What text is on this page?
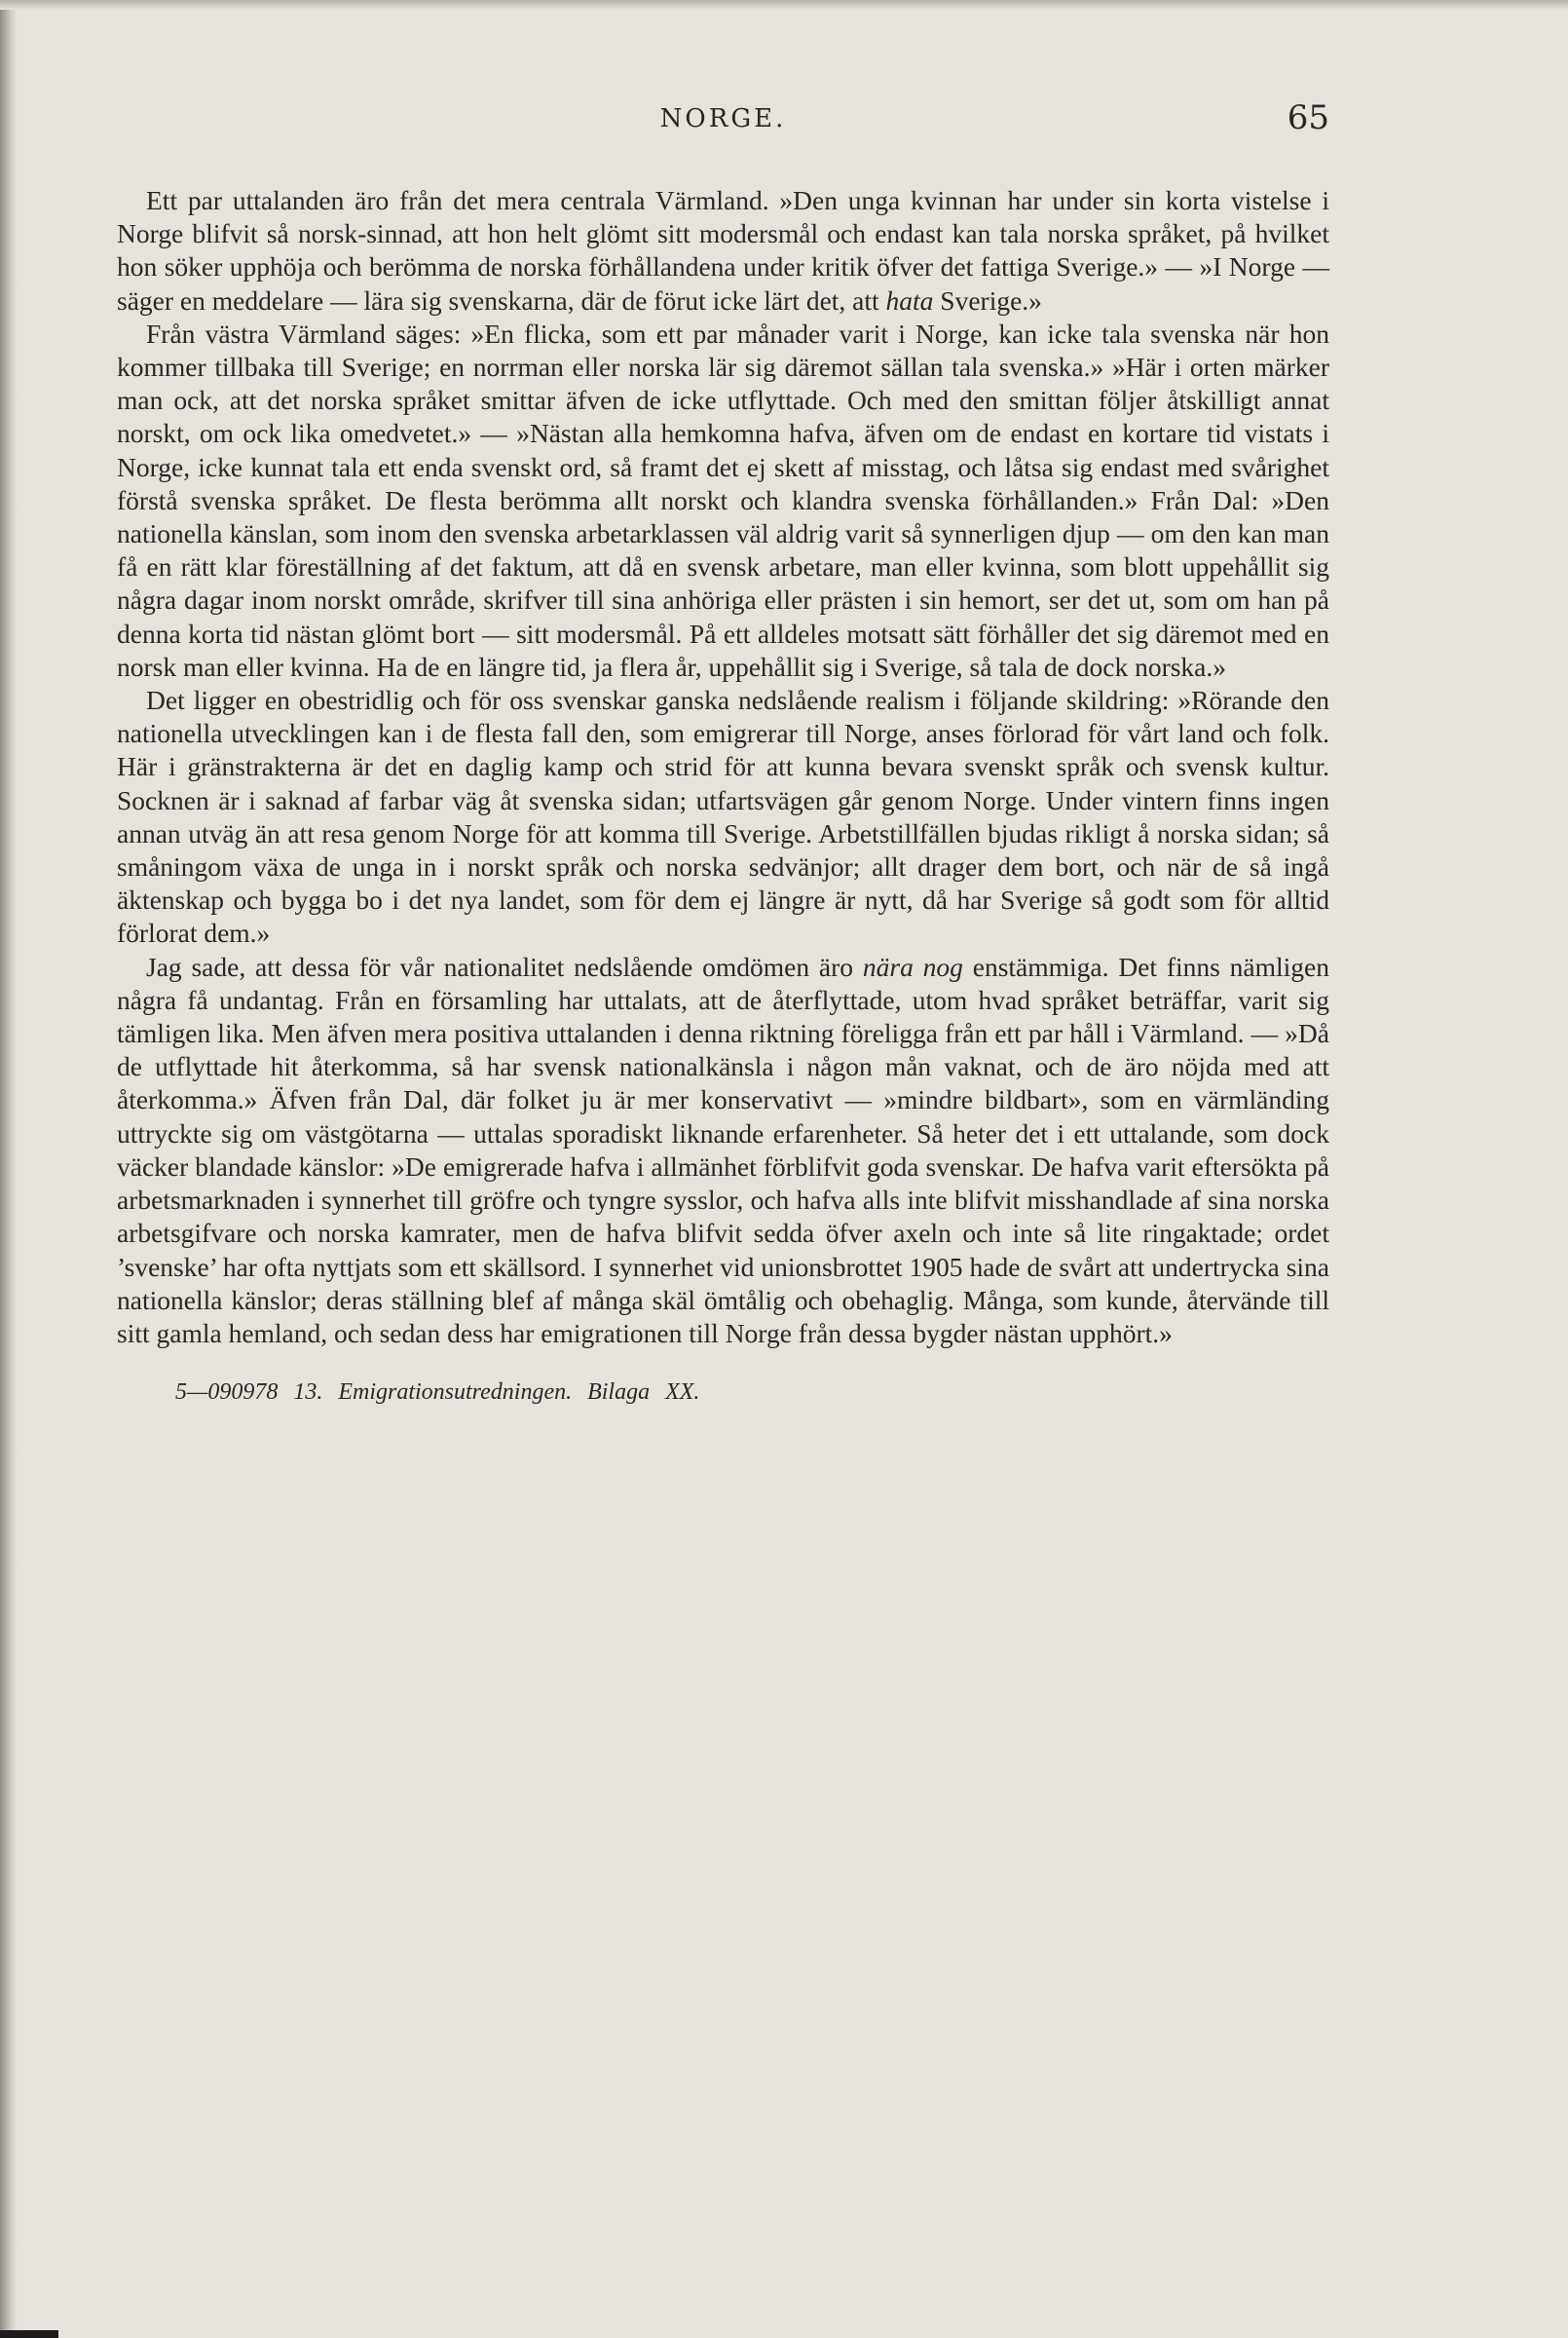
NORGE.	65

Ett par uttalanden äro från det mera centrala Värmland. »Den unga kvinnan har under sin korta vistelse i Norge blifvit så norsk-sinnad, att hon helt glömt sitt modersmål och endast kan tala norska språket, på hvilket hon söker upphöja och berömma de norska förhållandena under kritik öfver det fattiga Sverige.» — »I Norge — säger en meddelare — lära sig svenskarna, där de förut icke lärt det, att hata Sverige.»

Från västra Värmland säges: »En flicka, som ett par månader varit i Norge, kan icke tala svenska när hon kommer tillbaka till Sverige; en norrman eller norska lär sig däremot sällan tala svenska.» »Här i orten märker man ock, att det norska språket smittar äfven de icke utflyttade. Och med den smittan följer åtskilligt annat norskt, om ock lika omedvetet.» — »Nästan alla hemkomna hafva, äfven om de endast en kortare tid vistats i Norge, icke kunnat tala ett enda svenskt ord, så framt det ej skett af misstag, och låtsa sig endast med svårighet förstå svenska språket. De flesta berömma allt norskt och klandra svenska förhållanden.» Från Dal: »Den nationella känslan, som inom den svenska arbetarklassen väl aldrig varit så synnerligen djup — om den kan man få en rätt klar föreställning af det faktum, att då en svensk arbetare, man eller kvinna, som blott uppehållit sig några dagar inom norskt område, skrifver till sina anhöriga eller prästen i sin hemort, ser det ut, som om han på denna korta tid nästan glömt bort — sitt modersmål. På ett alldeles motsatt sätt förhåller det sig däremot med en norsk man eller kvinna. Ha de en längre tid, ja flera år, uppehållit sig i Sverige, så tala de dock norska.»

Det ligger en obestridlig och för oss svenskar ganska nedslående realism i följande skildring: »Rörande den nationella utvecklingen kan i de flesta fall den, som emigrerar till Norge, anses förlorad för vårt land och folk. Här i gränstrakterna är det en daglig kamp och strid för att kunna bevara svenskt språk och svensk kultur. Socknen är i saknad af farbar väg åt svenska sidan; utfartsvägen går genom Norge. Under vintern finns ingen annan utväg än att resa genom Norge för att komma till Sverige. Arbetstillfällen bjudas rikligt å norska sidan; så småningom växa de unga in i norskt språk och norska sedvänjor; allt drager dem bort, och när de så ingå äktenskap och bygga bo i det nya landet, som för dem ej längre är nytt, då har Sverige så godt som för alltid förlorat dem.»

Jag sade, att dessa för vår nationalitet nedslående omdömen äro nära nog enstämmiga. Det finns nämligen några få undantag. Från en församling har uttalats, att de återflyttade, utom hvad språket beträffar, varit sig tämligen lika. Men äfven mera positiva uttalanden i denna riktning föreligga från ett par håll i Värmland. — »Då de utflyttade hit återkomma, så har svensk nationalkänsla i någon mån vaknat, och de äro nöjda med att återkomma.» Äfven från Dal, där folket ju är mer konservativt — »mindre bildbart», som en värmländing uttryckte sig om västgötarna — uttalas sporadiskt liknande erfarenheter. Så heter det i ett uttalande, som dock väcker blandade känslor: »De emigrerade hafva i allmänhet förblifvit goda svenskar. De hafva varit eftersökta på arbetsmarknaden i synnerhet till gröfre och tyngre sysslor, och hafva alls inte blifvit misshandlade af sina norska arbetsgifvare och norska kamrater, men de hafva blifvit sedda öfver axeln och inte så lite ringaktade; ordet ’svenske’ har ofta nyttjats som ett skällsord. I synnerhet vid unionsbrottet 1905 hade de svårt att undertrycka sina nationella känslor; deras ställning blef af många skäl ömtålig och obehaglig. Många, som kunde, återvände till sitt gamla hemland, och sedan dess har emigrationen till Norge från dessa bygder nästan upphört.»

5—090978 13. Emigrationsutredningen. Bilaga XX.
